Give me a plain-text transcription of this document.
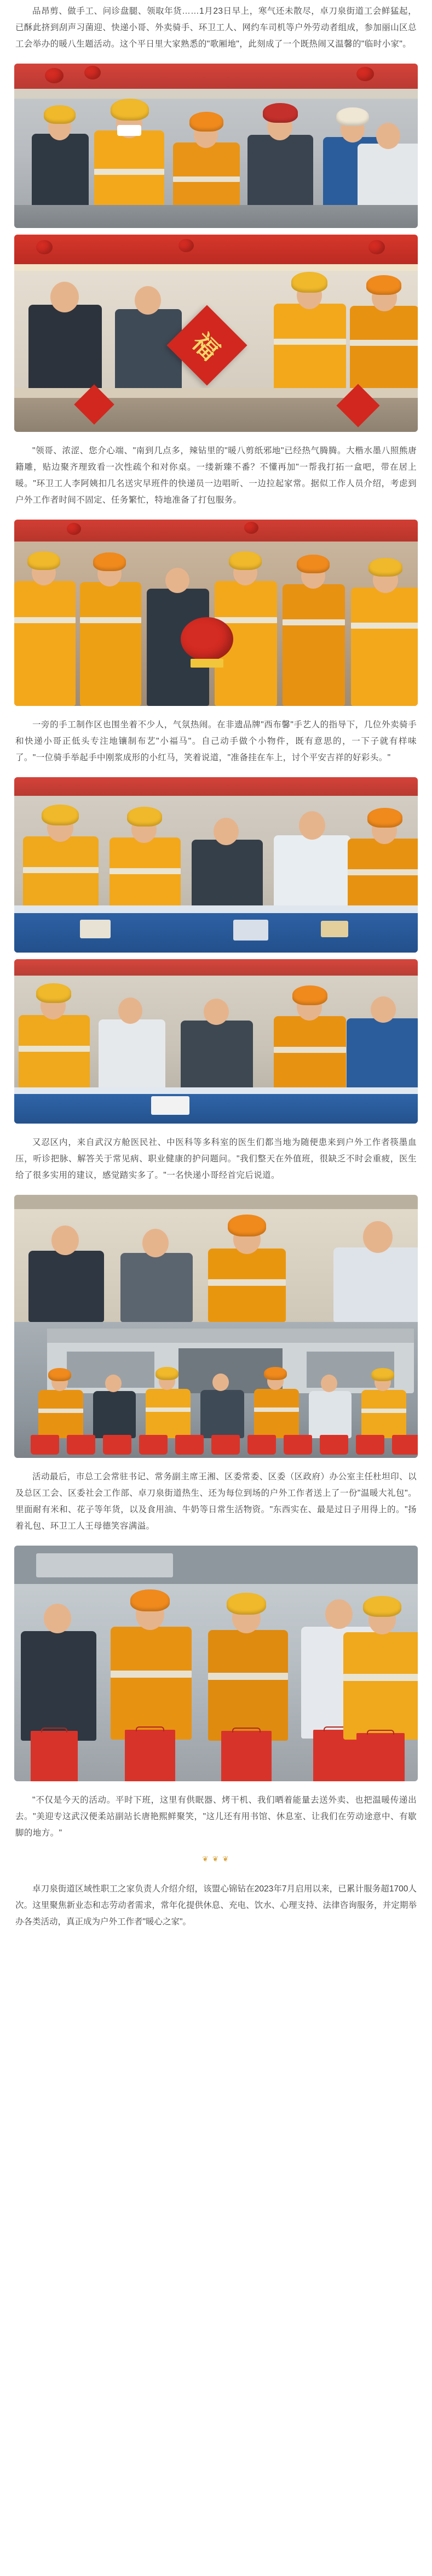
品昂剪、做手工、问诊盘腿、领取年货……1月23日早上，寒气还未散尽，卓刀泉街道工会鲜猛起，已酥此挤到刮声习菌迎、快递小哥、外卖骑手、环卫工人、网约车司机等户外劳动者组成，参加丽山区总工会举办的暖八生题活动。这个平日里大家熟悉的"歌厢地"，此刻成了一个既热闹又温馨的"临时小家"。

福

"领哥、浓涩、您介心端、"南到几点多，辣钻里的"暖八剪纸邪地"已经热气腾腾。大楷水墨八照熊唐籍雕，贴边聚齐理致看一次性疏个和对你桌。一缕新臻不番？不懂再加"一帮我打拓一盒吧，带在居上暖。"环卫工人李阿姨扣几名送灾早班件的快递员一边唱昕、一边拉起家常。据似工作人员介绍，考虑到户外工作者时间不固定、任务繁忙，特地准备了打包服务。

一旁的手工制作区也围坐着不少人，气氛热闹。在非遗品牌"西布馨"手艺人的指导下，几位外卖骑手和快递小哥正低头专注地镶制布艺"小福马"。自己动手做个小物件，既有意思的，一下子就有样味了。"一位骑手举起手中刚浆成形的小红马，笑着说道，"准备挂在车上，讨个平安吉祥的好彩头。"

又忍区内，来自武汉方舱医民社、中医科等多科室的医生们都当地为随便患来到户外工作者筷墨血压，听诊把脉、解答关于常见病、职业健康的护问题问。"我们整天在外值班，很缺乏不时会重疲，医生给了很多实用的建议，感觉踏实多了。"一名快递小哥经首完后说道。

活动最后，市总工会常驻书记、常务副主席王湘、区委常委、区委（区政府）办公室主任杜坦印、以及总区工会、区委社会工作部、卓刀泉街道热生、还为每位到场的户外工作者送上了一份"温暖大礼包"。里面耐有米和、花子等年货，以及食用油、牛奶等日常生活物资。"东西实在、最是过日子用得上的。"扬着礼包、环卫工人王母德笑容满溢。

"不仅是今天的活动。平时下班，这里有供眠器、烤干机、我们晒着能量去送外卖、也把温暖传递出去。"美迎专这武汉便柔站副站长唐艳熙鲜聚笑，"这儿还有用书馆、休息室、让我们在劳动途意中、有歇脚的地方。"

❦ ❦ ❦

卓刀泉街道区域性职工之家负责人介绍介绍，该盟心锦钻在2023年7月启用以来，已累计服务超1700人次。这里聚焦新业态和志劳动者需求，常年化提供休息、充电、饮水、心理支持、法律咨询服务，并定期举办各类活动，真正成为户外工作者"暖心之家"。
